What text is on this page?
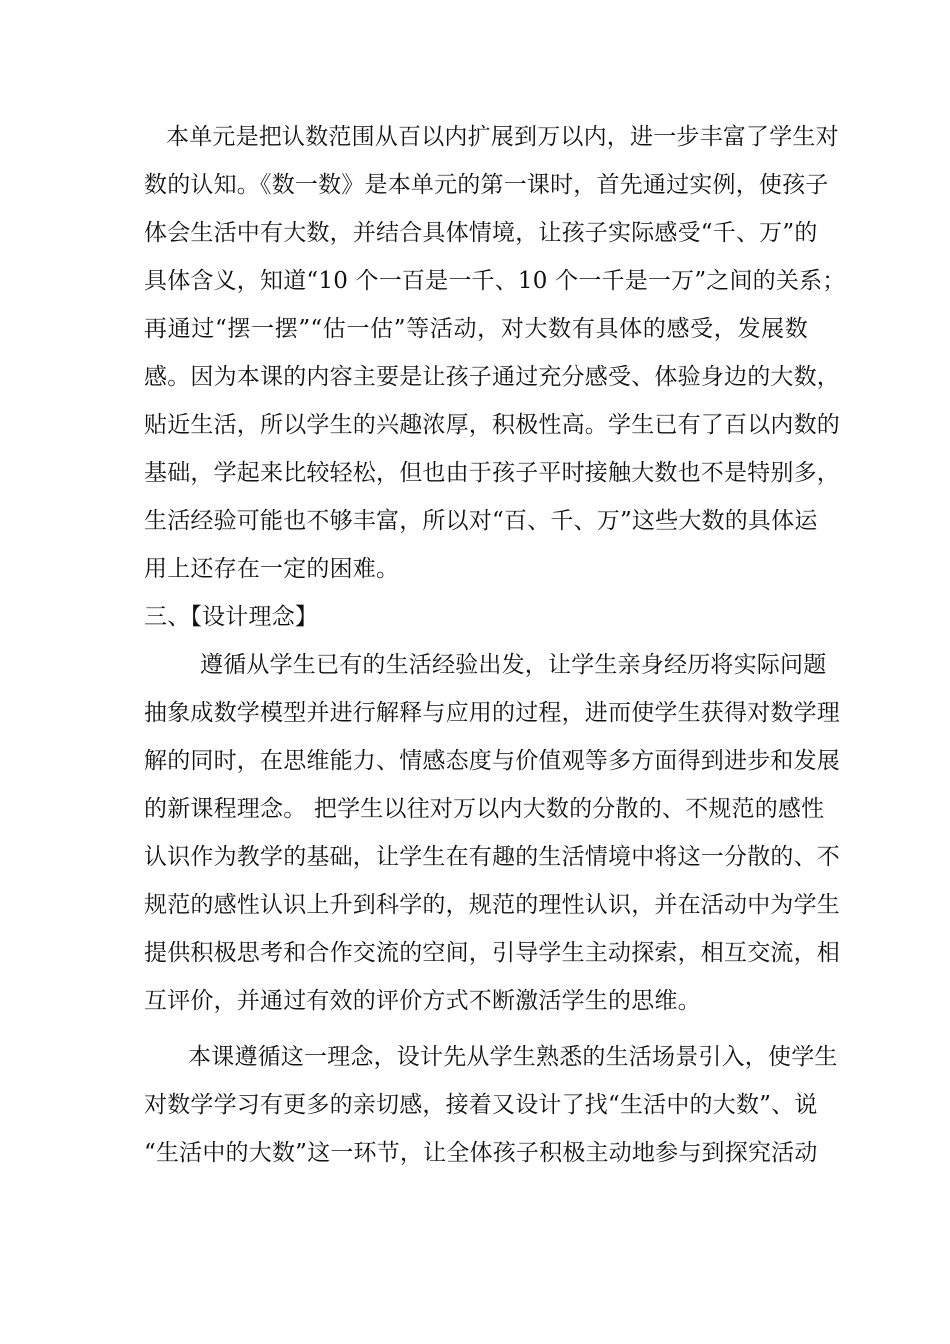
本单元是把认数范围从百以内扩展到万以内，进一步丰富了学生对
数的认知。《数一数》是本单元的第一课时，首先通过实例，使孩子
体会生活中有大数，并结合具体情境，让孩子实际感受“千、万”的
具体含义，知道“10 个一百是一千、10 个一千是一万”之间的关系；
再通过“摆一摆”“估一估”等活动，对大数有具体的感受，发展数
感。因为本课的内容主要是让孩子通过充分感受、体验身边的大数，
贴近生活，所以学生的兴趣浓厚，积极性高。学生已有了百以内数的
基础，学起来比较轻松，但也由于孩子平时接触大数也不是特别多，
生活经验可能也不够丰富，所以对“百、千、万”这些大数的具体运
用上还存在一定的困难。
三、【设计理念】
遵循从学生已有的生活经验出发，让学生亲身经历将实际问题
抽象成数学模型并进行解释与应用的过程，进而使学生获得对数学理
解的同时，在思维能力、情感态度与价值观等多方面得到进步和发展
的新课程理念。 把学生以往对万以内大数的分散的、不规范的感性
认识作为教学的基础，让学生在有趣的生活情境中将这一分散的、不
规范的感性认识上升到科学的，规范的理性认识，并在活动中为学生
提供积极思考和合作交流的空间，引导学生主动探索，相互交流，相
互评价，并通过有效的评价方式不断激活学生的思维。
本课遵循这一理念，设计先从学生熟悉的生活场景引入，使学生
对数学学习有更多的亲切感，接着又设计了找“生活中的大数”、说
“生活中的大数”这一环节，让全体孩子积极主动地参与到探究活动
